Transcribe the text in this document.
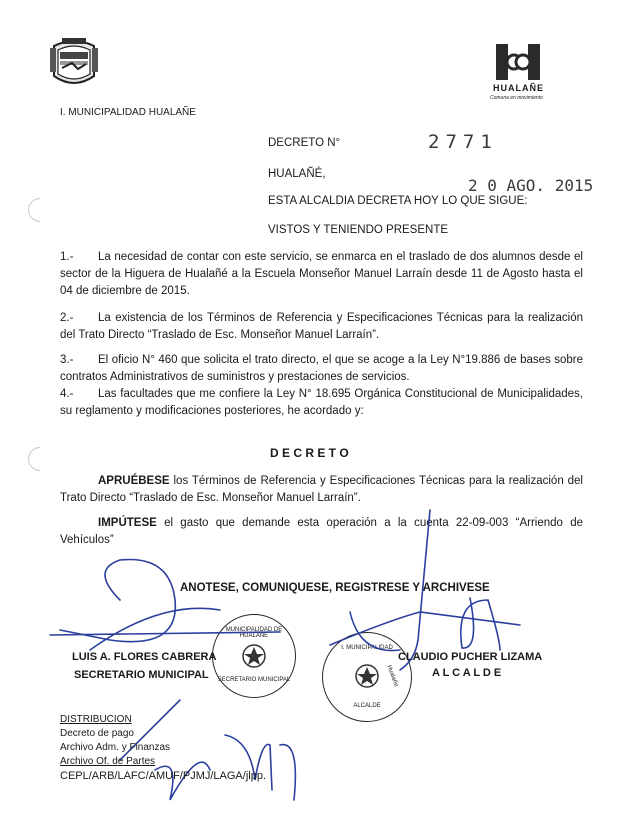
I. MUNICIPALIDAD HUALAÑE
HUALAÑE
Comuna en movimiento
DECRETO N°	2771
HUALAÑÉ,
2 0 AGO. 2015
ESTA ALCALDIA DECRETA HOY LO QUE SIGUE:
VISTOS Y TENIENDO PRESENTE
1.- La necesidad de contar con este servicio, se enmarca en el traslado de dos alumnos desde el sector de la Higuera de Hualañé a la Escuela Monseñor Manuel Larraín desde 11 de Agosto hasta el 04 de diciembre de 2015.
2.- La existencia de los Términos de Referencia y Especificaciones Técnicas para la realización del Trato Directo “Traslado de Esc. Monseñor Manuel Larraín”.
3.- El oficio N° 460 que solicita el trato directo, el que se acoge a la Ley N°19.886 de bases sobre contratos Administrativos de suministros y prestaciones de servicios.
4.- Las facultades que me confiere la Ley N° 18.695 Orgánica Constitucional de Municipalidades, su reglamento y modificaciones posteriores, he acordado y:
D E C R E T O
APRUÉBESE los Términos de Referencia y Especificaciones Técnicas para la realización del Trato Directo “Traslado de Esc. Monseñor Manuel Larraín”.
IMPÚTESE el gasto que demande esta operación a la cuenta 22-09-003 “Arriendo de Vehículos”
ANOTESE, COMUNIQUESE, REGISTRESE Y ARCHIVESE
MUNICIPALIDAD DE HUALAÑE
SECRETARIO MUNICIPAL
I. MUNICIPALIDAD
Hualañe
ALCALDE
LUIS A. FLORES CABRERA
SECRETARIO MUNICIPAL
CLAUDIO PUCHER LIZAMA
A L C A L D E
DISTRIBUCION
Decreto de pago
Archivo Adm. y Finanzas
Archivo Of. de Partes
CEPL/ARB/LAFC/AMUF/PJMJ/LAGA/jlpp.
